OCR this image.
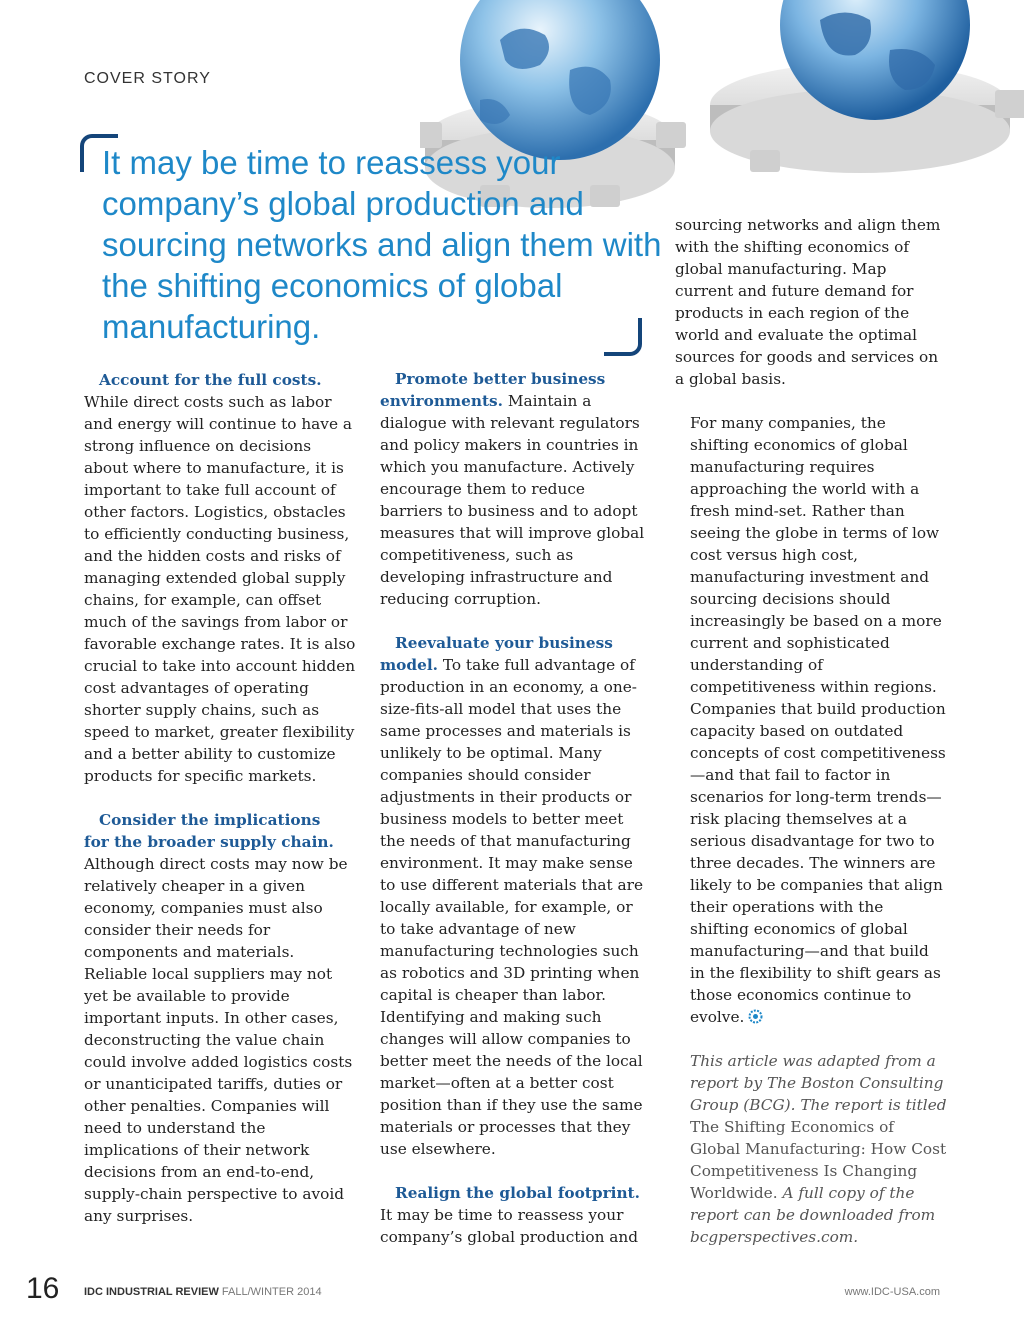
COVER STORY
It may be time to reassess your company’s global production and sourcing networks and align them with the shifting economics of global manufacturing.

Account for the full costs.

While direct costs such as labor and energy will continue to have a strong influence on decisions about where to manufacture, it is important to take full account of other factors. Logistics, obstacles to efficiently conducting business, and the hidden costs and risks of managing extended global supply chains, for example, can offset much of the savings from labor or favorable exchange rates. It is also crucial to take into account hidden cost advantages of operating shorter supply chains, such as speed to market, greater flexibility and a better ability to customize products for specific markets.

Consider the implications

for the broader supply chain.

Although direct costs may now be relatively cheaper in a given economy, companies must also consider their needs for components and materials. Reliable local suppliers may not yet be available to provide important inputs. In other cases, deconstructing the value chain could involve added logistics costs or unanticipated tariffs, duties or other penalties. Companies will need to understand the implications of their network decisions from an end-to-end, supply-chain perspective to avoid any surprises.

Promote better business

environments. Maintain a dialogue with relevant regulators and policy makers in countries in which you manufacture. Actively encourage them to reduce barriers to business and to adopt measures that will improve global competitiveness, such as developing infrastructure and reducing corruption.

Reevaluate your business

model. To take full advantage of production in an economy, a one-size-fits-all model that uses the same processes and materials is unlikely to be optimal. Many companies should consider adjustments in their products or business models to better meet the needs of that manufacturing environment. It may make sense to use different materials that are locally available, for example, or to take advantage of new manufacturing technologies such as robotics and 3D printing when capital is cheaper than labor. Identifying and making such changes will allow companies to better meet the needs of the local market—often at a better cost position than if they use the same materials or processes that they use elsewhere.

Realign the global footprint.

It may be time to reassess your company’s global production and

sourcing networks and align them with the shifting economics of global manufacturing. Map current and future demand for products in each region of the world and evaluate the optimal sources for goods and services on a global basis.

For many companies, the shifting economics of global manufacturing requires approaching the world with a fresh mind-set. Rather than seeing the globe in terms of low cost versus high cost, manufacturing investment and sourcing decisions should increasingly be based on a more current and sophisticated understanding of competitiveness within regions. Companies that build production capacity based on outdated concepts of cost competitiveness—and that fail to factor in scenarios for long-term trends—risk placing themselves at a serious disadvantage for two to three decades. The winners are likely to be companies that align their operations with the shifting economics of global manufacturing—and that build in the flexibility to shift gears as those economics continue to evolve.

This article was adapted from a report by The Boston Consulting Group (BCG). The report is titled The Shifting Economics of Global Manufacturing: How Cost Competitiveness Is Changing Worldwide. A full copy of the report can be downloaded from bcgperspectives.com.

16 IDC INDUSTRIAL REVIEW FALL/WINTER 2014	www.IDC-USA.com
